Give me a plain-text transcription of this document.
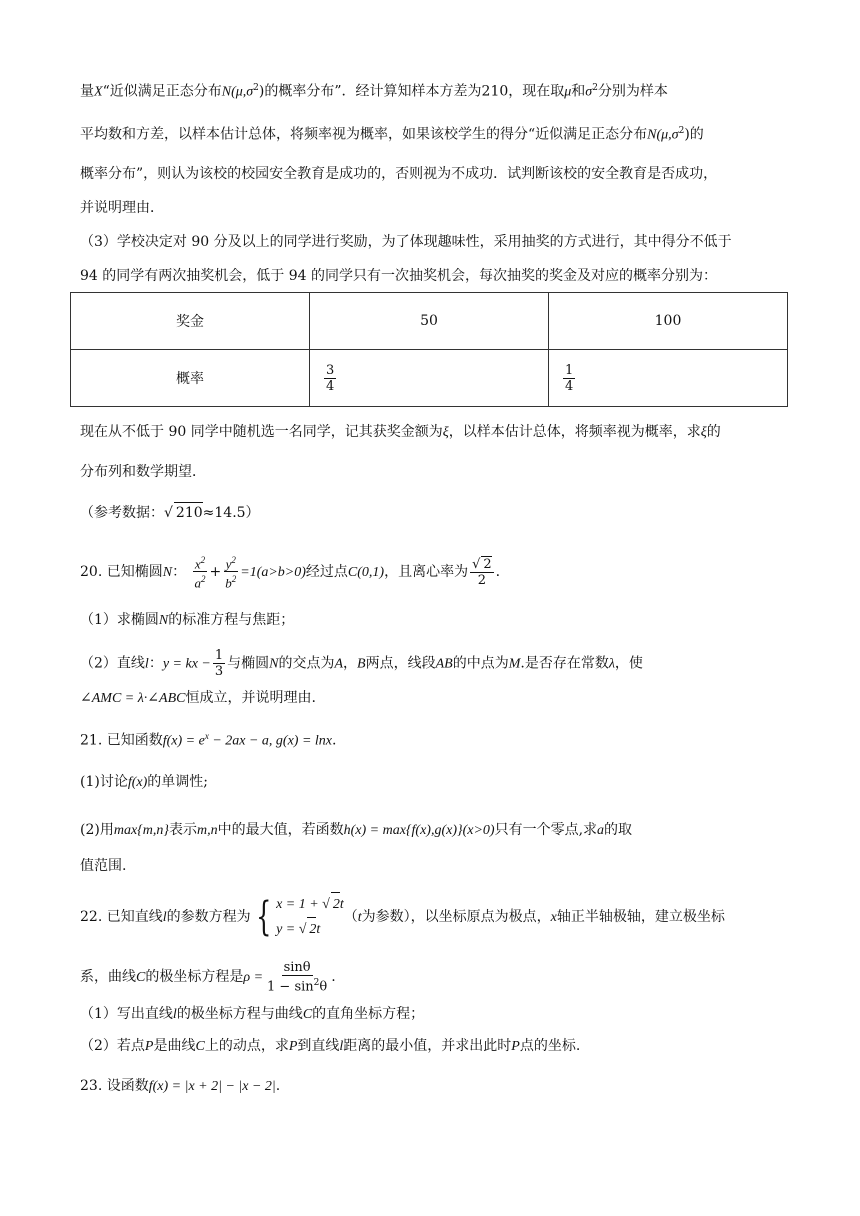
量X“近似满足正态分布$N(\mu,\sigma^2)$的概率分布”．经计算知样本方差为210，现在取μ和$\sigma^2$分别为样本
平均数和方差，以样本估计总体，将频率视为概率，如果该校学生的得分“近似满足正态分布$N(\mu,\sigma^2)$的
概率分布”，则认为该校的校园安全教育是成功的，否则视为不成功．试判断该校的安全教育是否成功，
并说明理由．
（3）学校决定对 90 分及以上的同学进行奖励，为了体现趣味性，采用抽奖的方式进行，其中得分不低于
94 的同学有两次抽奖机会，低于 94 的同学只有一次抽奖机会，每次抽奖的奖金及对应的概率分别为：
奖金	50	100
概率	$\frac{3}{4}$	$\frac{1}{4}$
现在从不低于 90 同学中随机选一名同学，记其获奖金额为ξ，以样本估计总体，将频率视为概率，求ξ的
分布列和数学期望．
（参考数据：√ 210≈14.5）
20. 已知椭圆N： $\frac{x^2}{a^2} + \frac{y^2}{b^2} =1(a>b>0)$经过点C(0,1)，且离心率为 $\frac{√ 2}{2}$ .
（1）求椭圆N的标准方程与焦距；
（2）直线l：y = kx − $\frac{1}{3}$ 与椭圆N的交点为A，B两点，线段AB的中点为M.是否存在常数λ，使
∠AMC = λ·∠ABC恒成立，并说明理由.
21. 已知函数$f(x) = e^x - 2ax - a$, g(x) = lnx.
(1)讨论f(x)的单调性;
(2)用max{m,n}表示m,n中的最大值，若函数h(x) = max{f(x),g(x)}(x>0)只有一个零点,求a的取
值范围.
22. 已知直线l的参数方程为 { x = 1 + √ 2t
y = √ 2t
（t为参数），以坐标原点为极点，x轴正半轴极轴，建立极坐标
系，曲线C的极坐标方程是$\rho = \frac{\sin\theta}{1 - \sin^2\theta}$ .
（1）写出直线l的极坐标方程与曲线C的直角坐标方程；
（2）若点P是曲线C上的动点，求P到直线l距离的最小值，并求出此时P点的坐标.
23. 设函数f(x) = |x + 2| − |x − 2|.
